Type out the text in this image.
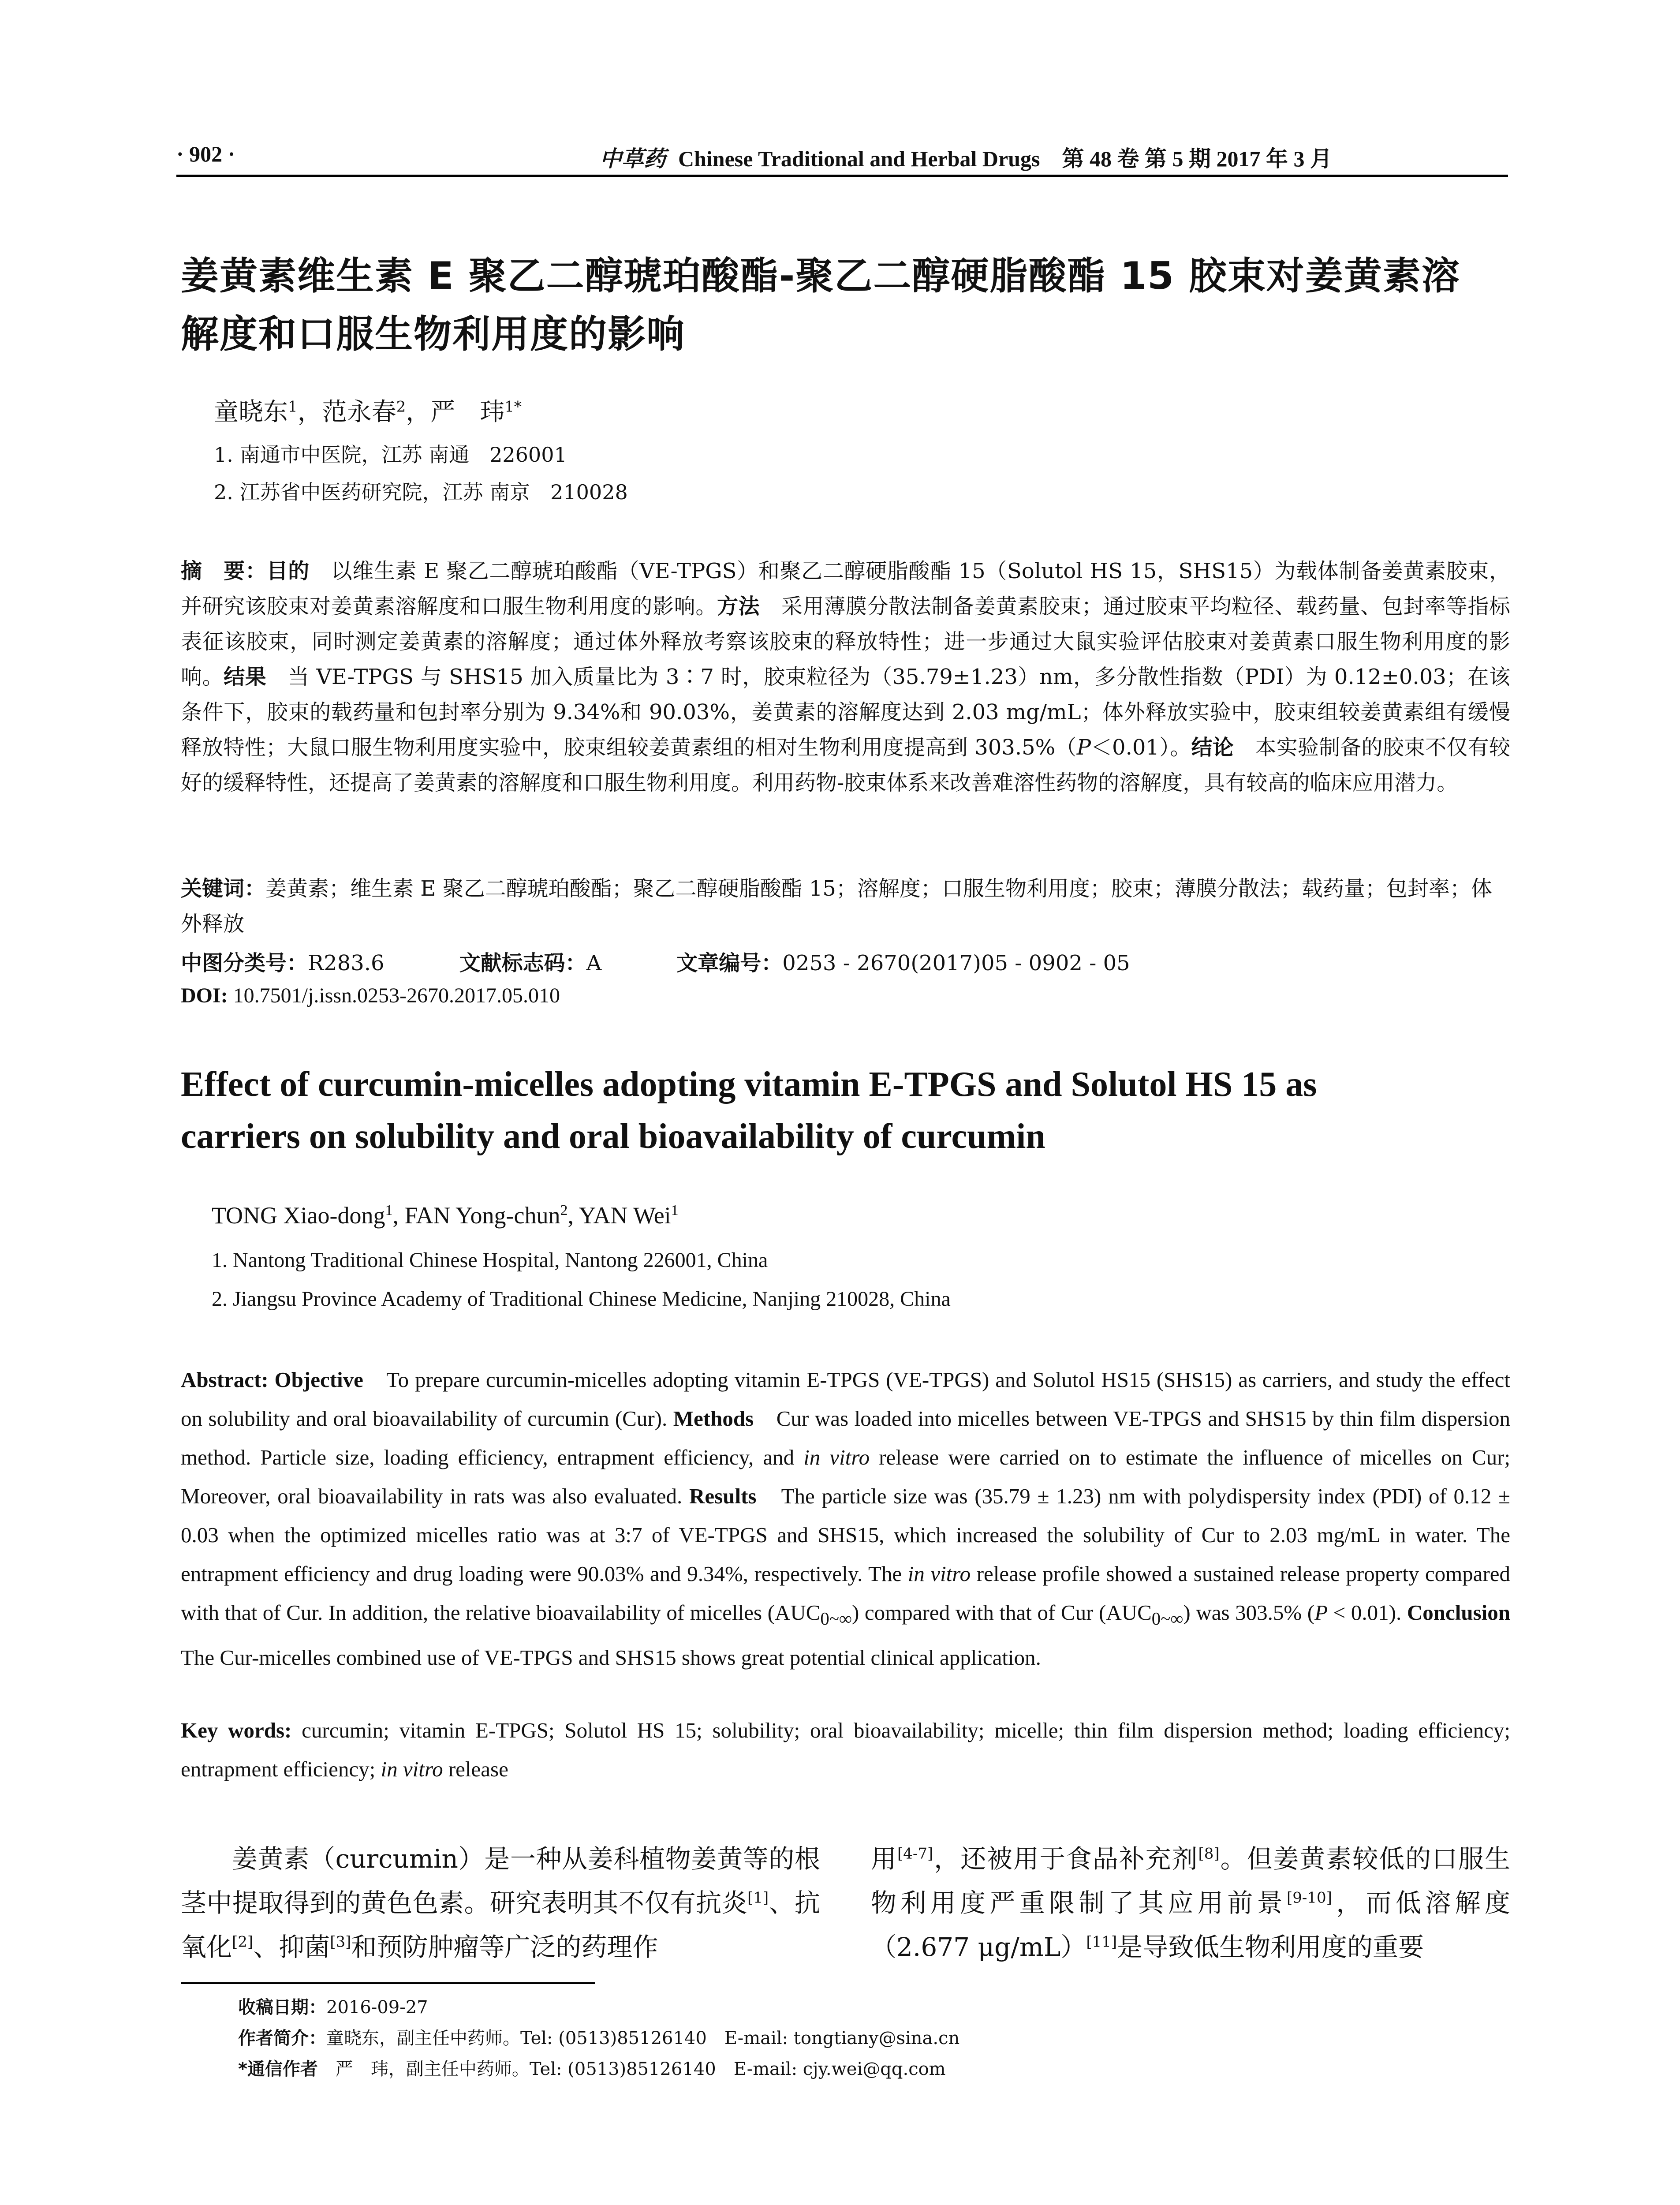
· 902 ·	中草药 Chinese Traditional and Herbal Drugs　第 48 卷 第 5 期 2017 年 3 月
姜黄素维生素 E 聚乙二醇琥珀酸酯-聚乙二醇硬脂酸酯 15 胶束对姜黄素溶
解度和口服生物利用度的影响
童晓东$^1$，范永春$^2$，严　玮$^{1*}$
1. 南通市中医院，江苏 南通　226001
2. 江苏省中医药研究院，江苏 南京　210028
摘　要：目的　 以维生素 E 聚乙二醇琥珀酸酯（VE-TPGS）和聚乙二醇硬脂酸酯 15（Solutol HS 15，SHS15）为载体制备姜黄素胶束，并研究该胶束对姜黄素溶解度和口服生物利用度的影响。方法　 采用薄膜分散法制备姜黄素胶束；通过胶束平均粒径、载药量、包封率等指标表征该胶束，同时测定姜黄素的溶解度；通过体外释放考察该胶束的释放特性；进一步通过大鼠实验评估胶束对姜黄素口服生物利用度的影响。结果　 当 VE-TPGS 与 SHS15 加入质量比为 3∶7 时，胶束粒径为（35.79±1.23）nm，多分散性指数（PDI）为 0.12±0.03；在该条件下，胶束的载药量和包封率分别为 9.34%和 90.03%，姜黄素的溶解度达到 2.03 mg/mL；体外释放实验中，胶束组较姜黄素组有缓慢释放特性；大鼠口服生物利用度实验中，胶束组较姜黄素组的相对生物利用度提高到 303.5%（P＜0.01）。结论　 本实验制备的胶束不仅有较好的缓释特性，还提高了姜黄素的溶解度和口服生物利用度。利用药物-胶束体系来改善难溶性药物的溶解度，具有较高的临床应用潜力。
关键词：姜黄素；维生素 E 聚乙二醇琥珀酸酯；聚乙二醇硬脂酸酯 15；溶解度；口服生物利用度；胶束；薄膜分散法；载药量；包封率；体外释放
中图分类号：R283.6	文献标志码：A	文章编号：0253 - 2670(2017)05 - 0902 - 05
DOI: 10.7501/j.issn.0253-2670.2017.05.010
Effect of curcumin-micelles adopting vitamin E-TPGS and Solutol HS 15 as
carriers on solubility and oral bioavailability of curcumin
TONG Xiao-dong$^1$, FAN Yong-chun$^2$, YAN Wei$^1$
1. Nantong Traditional Chinese Hospital, Nantong 226001, China
2. Jiangsu Province Academy of Traditional Chinese Medicine, Nanjing 210028, China
Abstract: Objective　 To prepare curcumin-micelles adopting vitamin E-TPGS (VE-TPGS) and Solutol HS15 (SHS15) as carriers, and study the effect on solubility and oral bioavailability of curcumin (Cur). Methods　 Cur was loaded into micelles between VE-TPGS and SHS15 by thin film dispersion method. Particle size, loading efficiency, entrapment efficiency, and in vitro release were carried on to estimate the influence of micelles on Cur; Moreover, oral bioavailability in rats was also evaluated. Results　 The particle size was (35.79 ± 1.23) nm with polydispersity index (PDI) of 0.12 ± 0.03 when the optimized micelles ratio was at 3:7 of VE-TPGS and SHS15, which increased the solubility of Cur to 2.03 mg/mL in water. The entrapment efficiency and drug loading were 90.03% and 9.34%, respectively. The in vitro release profile showed a sustained release property compared with that of Cur. In addition, the relative bioavailability of micelles $(AUC_{0\sim\infty})$ compared with that of Cur $(AUC_{0\sim\infty})$ was 303.5% (P < 0.01). Conclusion　The Cur-micelles combined use of VE-TPGS and SHS15 shows great potential clinical application.
Key words: curcumin; vitamin E-TPGS; Solutol HS 15; solubility; oral bioavailability; micelle; thin film dispersion method; loading efficiency; entrapment efficiency; in vitro release
姜黄素（curcumin）是一种从姜科植物姜黄等的根茎中提取得到的黄色色素。研究表明其不仅有抗炎[1]、抗氧化[2]、抑菌[3]和预防肿瘤等广泛的药理作
用[4-7]，还被用于食品补充剂[8]。但姜黄素较低的口服生物利用度严重限制了其应用前景[9-10]，而低溶解度（2.677 μg/mL）[11]是导致低生物利用度的重要
收稿日期：2016-09-27
作者简介：童晓东，副主任中药师。Tel: (0513)85126140　E-mail: tongtiany@sina.cn
*通信作者　 严　玮，副主任中药师。Tel: (0513)85126140　E-mail: cjy.wei@qq.com
